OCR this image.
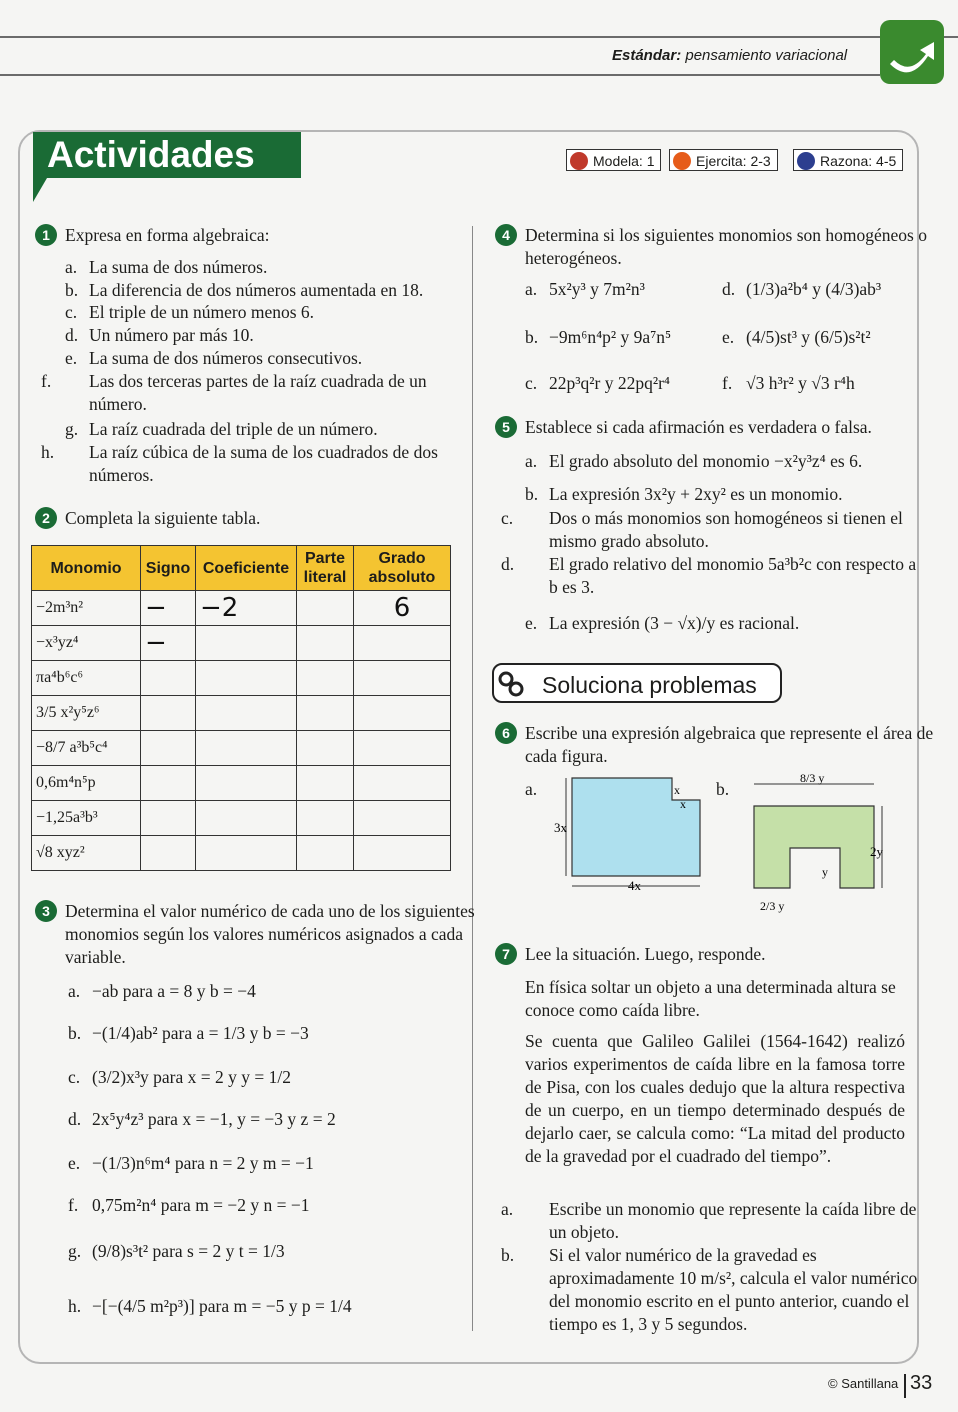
Estándar: pensamiento variacional
Actividades	Modela: 1	Ejercita: 2-3	Razona: 4-5
1 Expresa en forma algebraica:
a. La suma de dos números.
b. La diferencia de dos números aumentada en 18.
c. El triple de un número menos 6.
d. Un número par más 10.
e. La suma de dos números consecutivos.
f. Las dos terceras partes de la raíz cuadrada de un número.
g. La raíz cuadrada del triple de un número.
h. La raíz cúbica de la suma de los cuadrados de dos números.
2 Completa la siguiente tabla.
Monomio	Signo	Coeficiente	Parte literal	Grado absoluto
−2m³n²	−	−2		6
−x³yz⁴	−			
πa⁴b⁶c⁶				
3/5 x²y⁵z⁶				
−8/7 a³b⁵c⁴				
0,6m⁴n⁵p				
−1,25a³b³				
√8 xyz²				
3 Determina el valor numérico de cada uno de los siguientes monomios según los valores numéricos asignados a cada variable.
a. −ab para a = 8 y b = −4
b. −(1/4)ab² para a = 1/3 y b = −3
c. (3/2)x³y para x = 2 y y = 1/2
d. 2x⁵y⁴z³ para x = −1, y = −3 y z = 2
e. −(1/3)n⁶m⁴ para n = 2 y m = −1
f. 0,75m²n⁴ para m = −2 y n = −1
g. (9/8)s³t² para s = 2 y t = 1/3
h. −[−(4/5 m²p³)] para m = −5 y p = 1/4
4 Determina si los siguientes monomios son homogéneos o heterogéneos.
a. 5x²y³ y 7m²n³	d. (1/3)a²b⁴ y (4/3)ab³
b. −9m⁶n⁴p² y 9a⁷n⁵	e. (4/5)st³ y (6/5)s²t²
c. 22p³q²r y 22pq²r⁴	f. √3 h³r² y √3 r⁴h
5 Establece si cada afirmación es verdadera o falsa.
a. El grado absoluto del monomio −x²y³z⁴ es 6.
b. La expresión 3x²y + 2xy² es un monomio.
c. Dos o más monomios son homogéneos si tienen el mismo grado absoluto.
d. El grado relativo del monomio 5a³b²c con respecto a b es 3.
e. La expresión (3 − √x)/y es racional.
Soluciona problemas
6 Escribe una expresión algebraica que represente el área de cada figura.
a.
3x
4x
x
x
b.
8/3 y
2y
y
2/3 y
7 Lee la situación. Luego, responde.
En física soltar un objeto a una determinada altura se conoce como caída libre.
Se cuenta que Galileo Galilei (1564-1642) realizó varios experimentos de caída libre en la famosa torre de Pisa, con los cuales dedujo que la altura respectiva de un cuerpo, en un tiempo determinado después de dejarlo caer, se calcula como: “La mitad del producto de la gravedad por el cuadrado del tiempo”.
a. Escribe un monomio que represente la caída libre de un objeto.
b. Si el valor numérico de la gravedad es aproximadamente 10 m/s², calcula el valor numérico del monomio escrito en el punto anterior, cuando el tiempo es 1, 3 y 5 segundos.
© Santillana 33
